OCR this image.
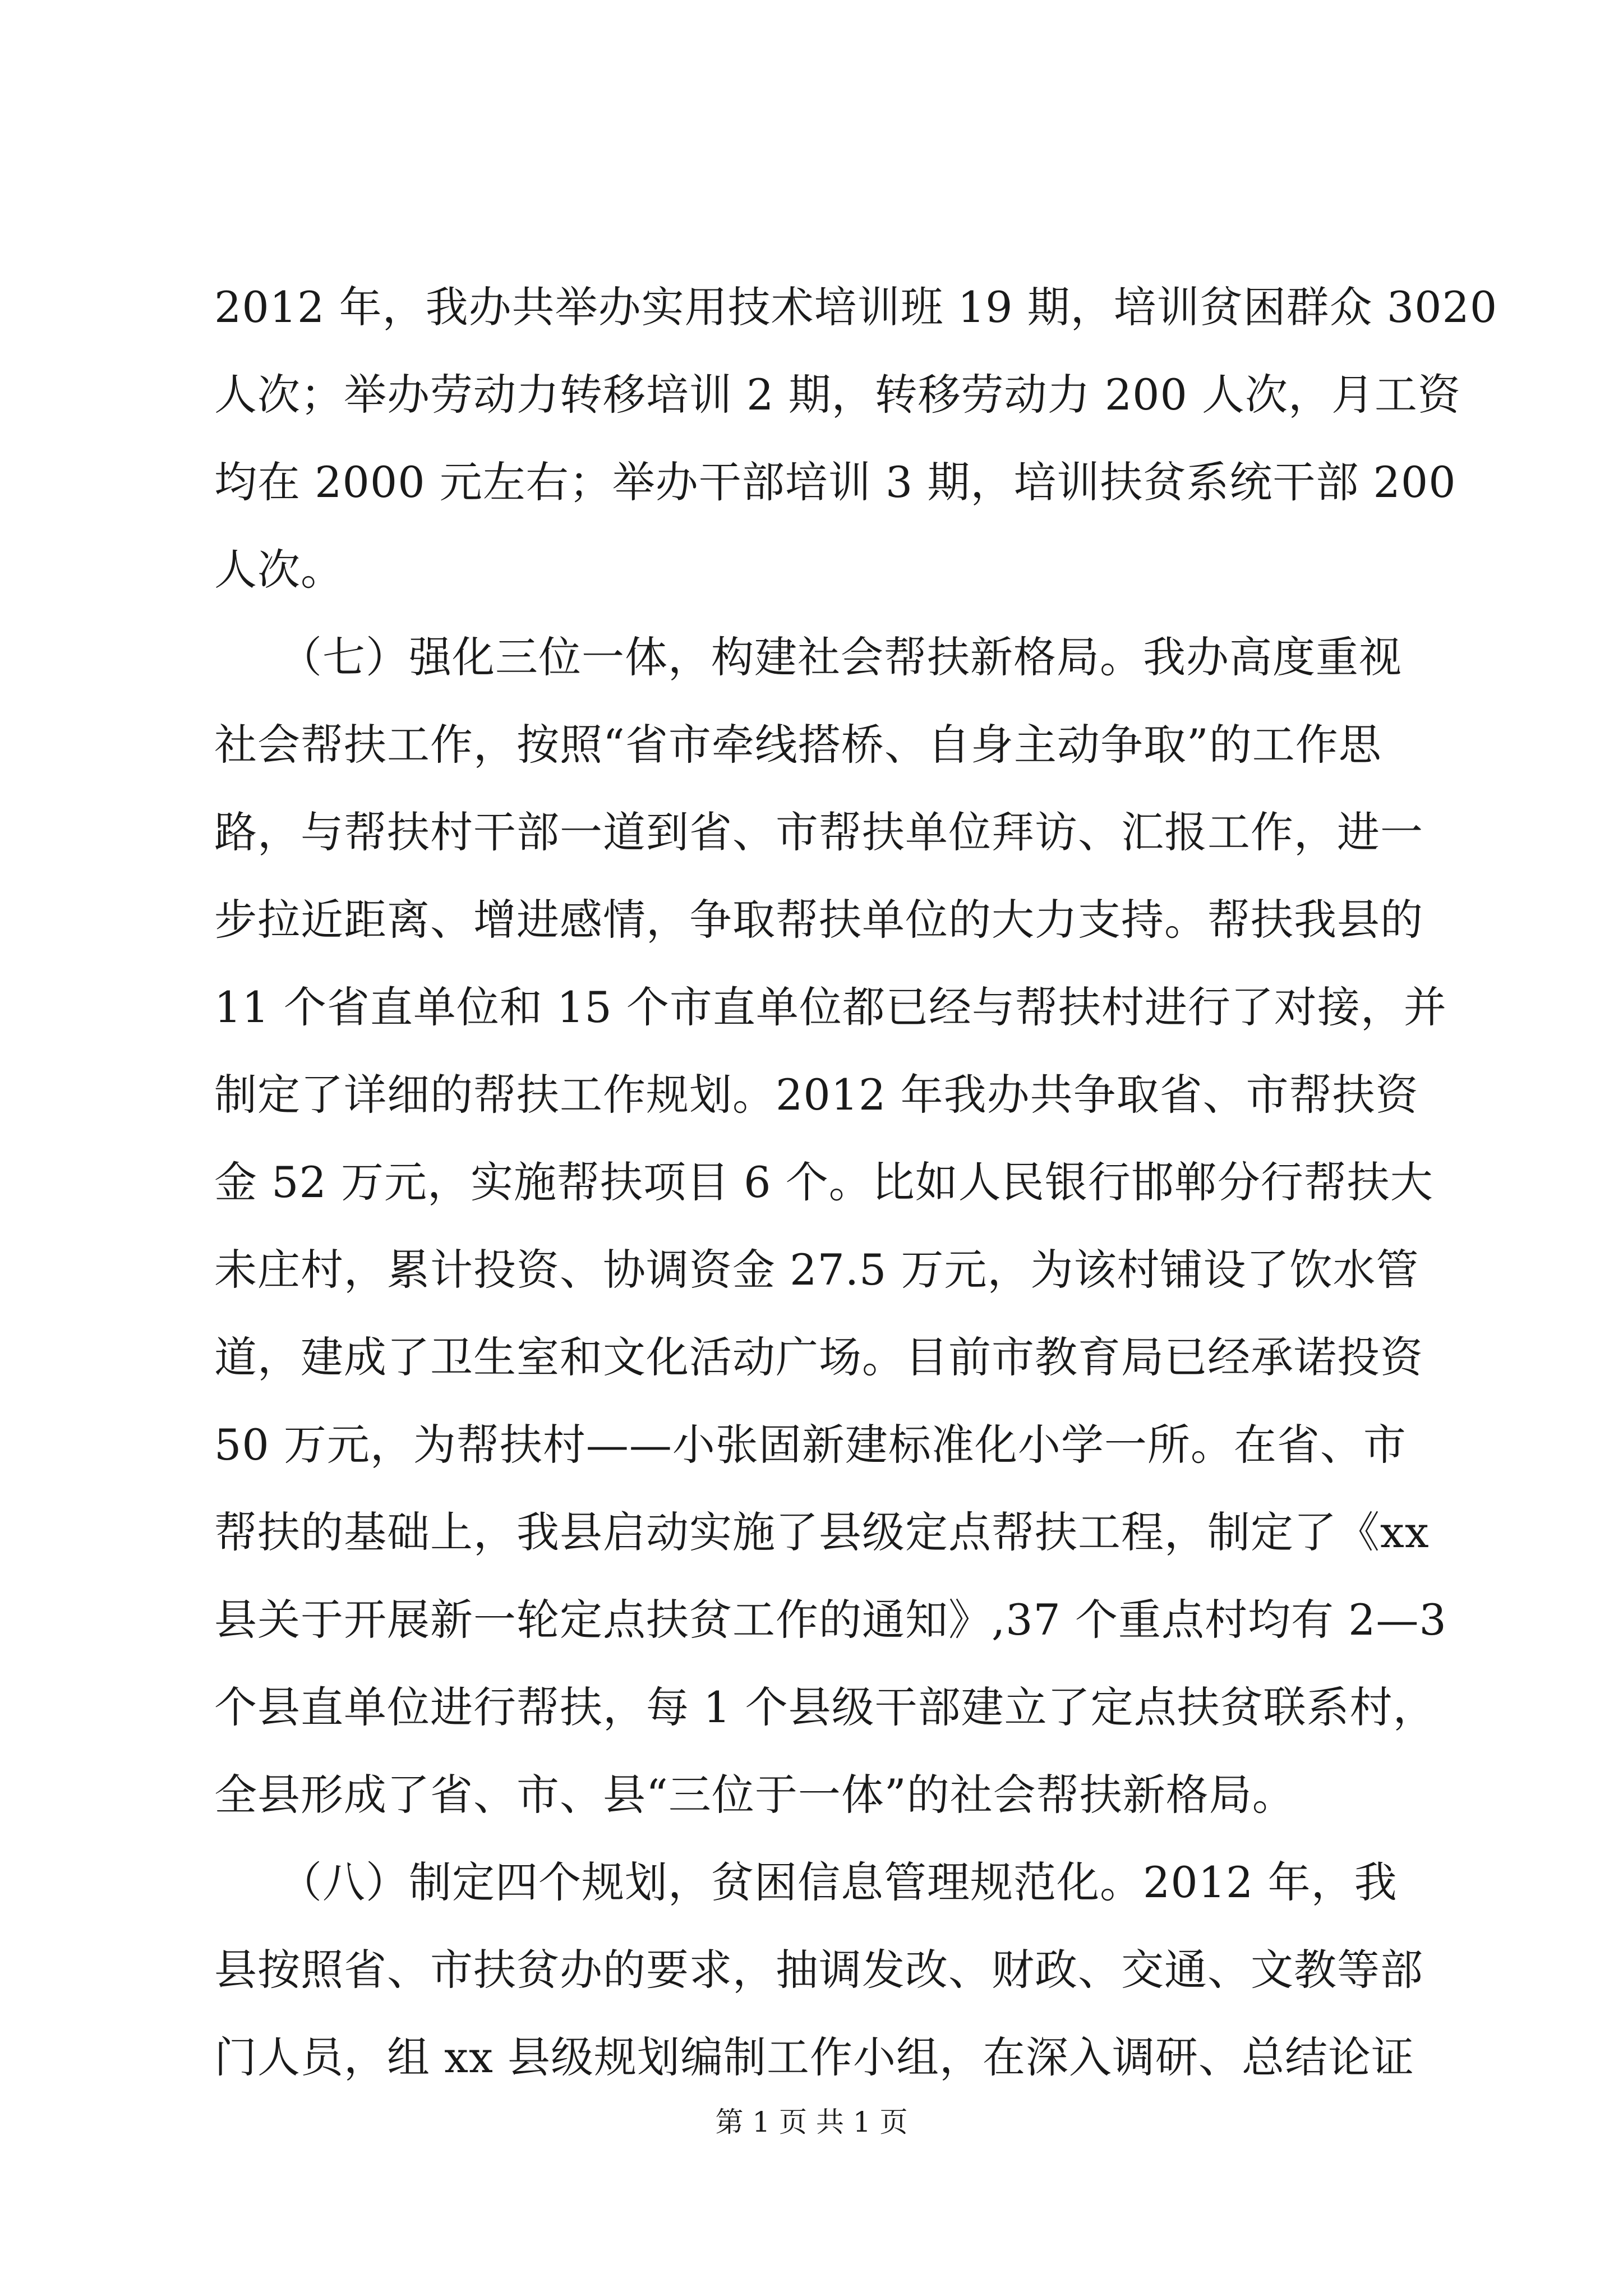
2012 年，我办共举办实用技术培训班 19 期，培训贫困群众 3020
人次；举办劳动力转移培训 2 期，转移劳动力 200 人次，月工资
均在 2000 元左右；举办干部培训 3 期，培训扶贫系统干部 200
人次。
　　（七）强化三位一体，构建社会帮扶新格局。我办高度重视
社会帮扶工作，按照“省市牵线搭桥、自身主动争取”的工作思
路，与帮扶村干部一道到省、市帮扶单位拜访、汇报工作，进一
步拉近距离、增进感情，争取帮扶单位的大力支持。帮扶我县的
11 个省直单位和 15 个市直单位都已经与帮扶村进行了对接，并
制定了详细的帮扶工作规划。2012 年我办共争取省、市帮扶资
金 52 万元，实施帮扶项目 6 个。比如人民银行邯郸分行帮扶大
未庄村，累计投资、协调资金 27.5 万元，为该村铺设了饮水管
道，建成了卫生室和文化活动广场。目前市教育局已经承诺投资
50 万元，为帮扶村——小张固新建标准化小学一所。在省、市
帮扶的基础上，我县启动实施了县级定点帮扶工程，制定了《xx
县关于开展新一轮定点扶贫工作的通知》,37 个重点村均有 2—3
个县直单位进行帮扶，每 1 个县级干部建立了定点扶贫联系村，
全县形成了省、市、县“三位于一体”的社会帮扶新格局。
　　（八）制定四个规划，贫困信息管理规范化。2012 年，我
县按照省、市扶贫办的要求，抽调发改、财政、交通、文教等部
门人员，组 xx 县级规划编制工作小组，在深入调研、总结论证
第 1 页 共 1 页
